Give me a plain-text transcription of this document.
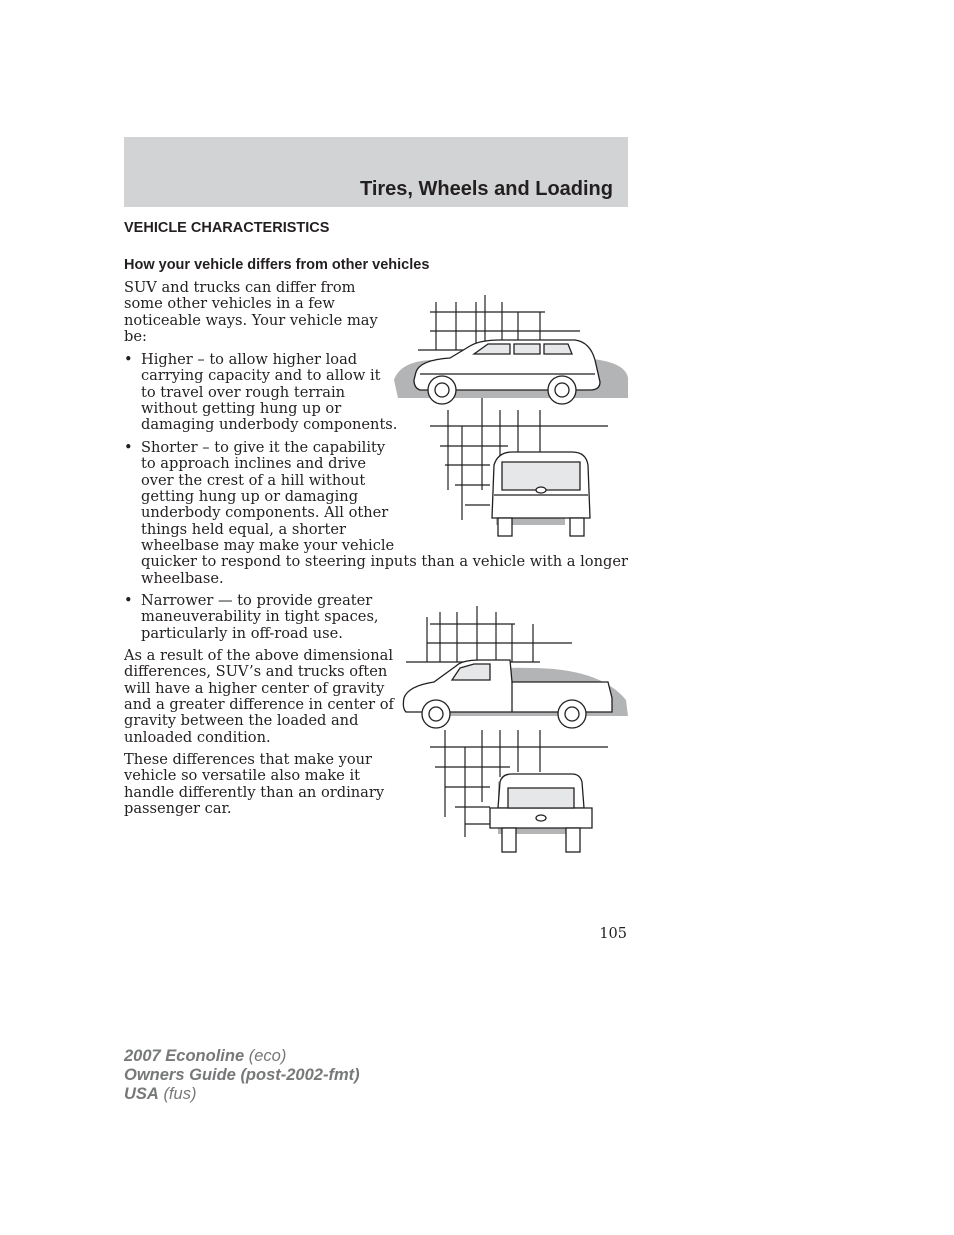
Tires, Wheels and Loading
VEHICLE CHARACTERISTICS
How your vehicle differs from other vehicles
SUV and trucks can differ from
some other vehicles in a few
noticeable ways. Your vehicle may
be:
• Higher – to allow higher load
carrying capacity and to allow it
to travel over rough terrain
without getting hung up or
damaging underbody components.
• Shorter – to give it the capability
to approach inclines and drive
over the crest of a hill without
getting hung up or damaging
underbody components. All other
things held equal, a shorter
wheelbase may make your vehicle
quicker to respond to steering inputs than a vehicle with a longer
wheelbase.
• Narrower — to provide greater
maneuverability in tight spaces,
particularly in off-road use.
As a result of the above dimensional
differences, SUV’s and trucks often
will have a higher center of gravity
and a greater difference in center of
gravity between the loaded and
unloaded condition.
These differences that make your
vehicle so versatile also make it
handle differently than an ordinary
passenger car.
105
2007 Econoline (eco)
Owners Guide (post-2002-fmt)
USA (fus)
